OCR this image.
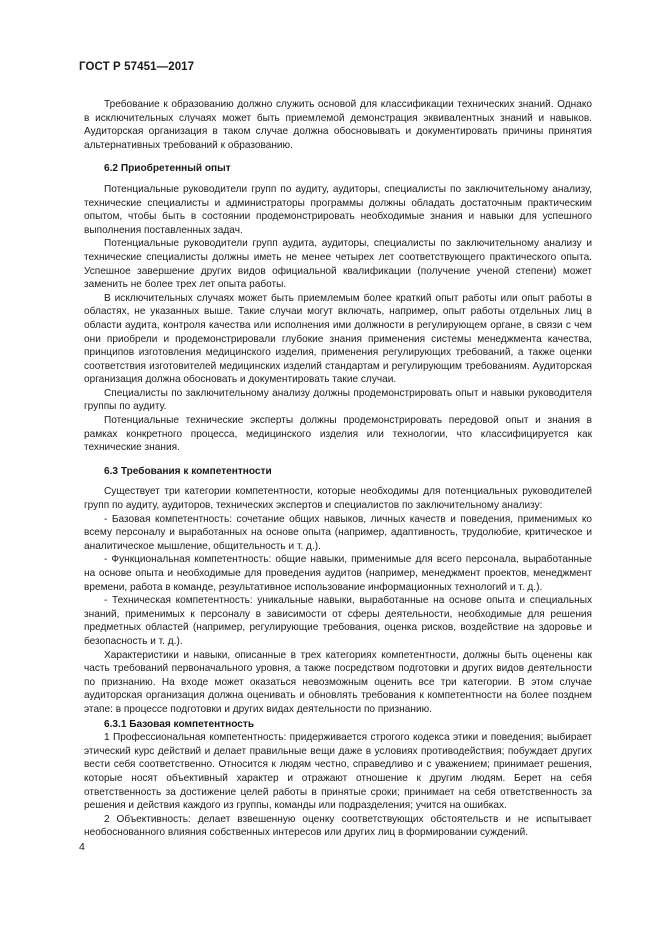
ГОСТ Р 57451—2017

Требование к образованию должно служить основой для классификации технических знаний. Однако в исключительных случаях может быть приемлемой демонстрация эквивалентных знаний и навыков. Аудиторская организация в таком случае должна обосновывать и документировать причины принятия альтернативных требований к образованию.

6.2 Приобретенный опыт

Потенциальные руководители групп по аудиту, аудиторы, специалисты по заключительному анализу, технические специалисты и администраторы программы должны обладать достаточным практическим опытом, чтобы быть в состоянии продемонстрировать необходимые знания и навыки для успешного выполнения поставленных задач.

Потенциальные руководители групп аудита, аудиторы, специалисты по заключительному анализу и технические специалисты должны иметь не менее четырех лет соответствующего практического опыта. Успешное завершение других видов официальной квалификации (получение ученой степени) может заменить не более трех лет опыта работы.

В исключительных случаях может быть приемлемым более краткий опыт работы или опыт работы в областях, не указанных выше. Такие случаи могут включать, например, опыт работы отдельных лиц в области аудита, контроля качества или исполнения ими должности в регулирующем органе, в связи с чем они приобрели и продемонстрировали глубокие знания применения системы менеджмента качества, принципов изготовления медицинского изделия, применения регулирующих требований, а также оценки соответствия изготовителей медицинских изделий стандартам и регулирующим требованиям. Аудиторская организация должна обосновать и документировать такие случаи.

Специалисты по заключительному анализу должны продемонстрировать опыт и навыки руководителя группы по аудиту.

Потенциальные технические эксперты должны продемонстрировать передовой опыт и знания в рамках конкретного процесса, медицинского изделия или технологии, что классифицируется как технические знания.

6.3 Требования к компетентности

Существует три категории компетентности, которые необходимы для потенциальных руководителей групп по аудиту, аудиторов, технических экспертов и специалистов по заключительному анализу:

- Базовая компетентность: сочетание общих навыков, личных качеств и поведения, применимых ко всему персоналу и выработанных на основе опыта (например, адаптивность, трудолюбие, критическое и аналитическое мышление, общительность и т. д.).

- Функциональная компетентность: общие навыки, применимые для всего персонала, выработанные на основе опыта и необходимые для проведения аудитов (например, менеджмент проектов, менеджмент времени, работа в команде, результативное использование информационных технологий и т. д.).

- Техническая компетентность: уникальные навыки, выработанные на основе опыта и специальных знаний, применимых к персоналу в зависимости от сферы деятельности, необходимые для решения предметных областей (например, регулирующие требования, оценка рисков, воздействие на здоровье и безопасность и т. д.).

Характеристики и навыки, описанные в трех категориях компетентности, должны быть оценены как часть требований первоначального уровня, а также посредством подготовки и других видов деятельности по признанию. На входе может оказаться невозможным оценить все три категории. В этом случае аудиторская организация должна оценивать и обновлять требования к компетентности на более позднем этапе: в процессе подготовки и других видах деятельности по признанию.

6.3.1 Базовая компетентность

1 Профессиональная компетентность: придерживается строгого кодекса этики и поведения; выбирает этический курс действий и делает правильные вещи даже в условиях противодействия; побуждает других вести себя соответственно. Относится к людям честно, справедливо и с уважением; принимает решения, которые носят объективный характер и отражают отношение к другим людям. Берет на себя ответственность за достижение целей работы в принятые сроки; принимает на себя ответственность за решения и действия каждого из группы, команды или подразделения; учится на ошибках.

2 Объективность: делает взвешенную оценку соответствующих обстоятельств и не испытывает необоснованного влияния собственных интересов или других лиц в формировании суждений.

4
